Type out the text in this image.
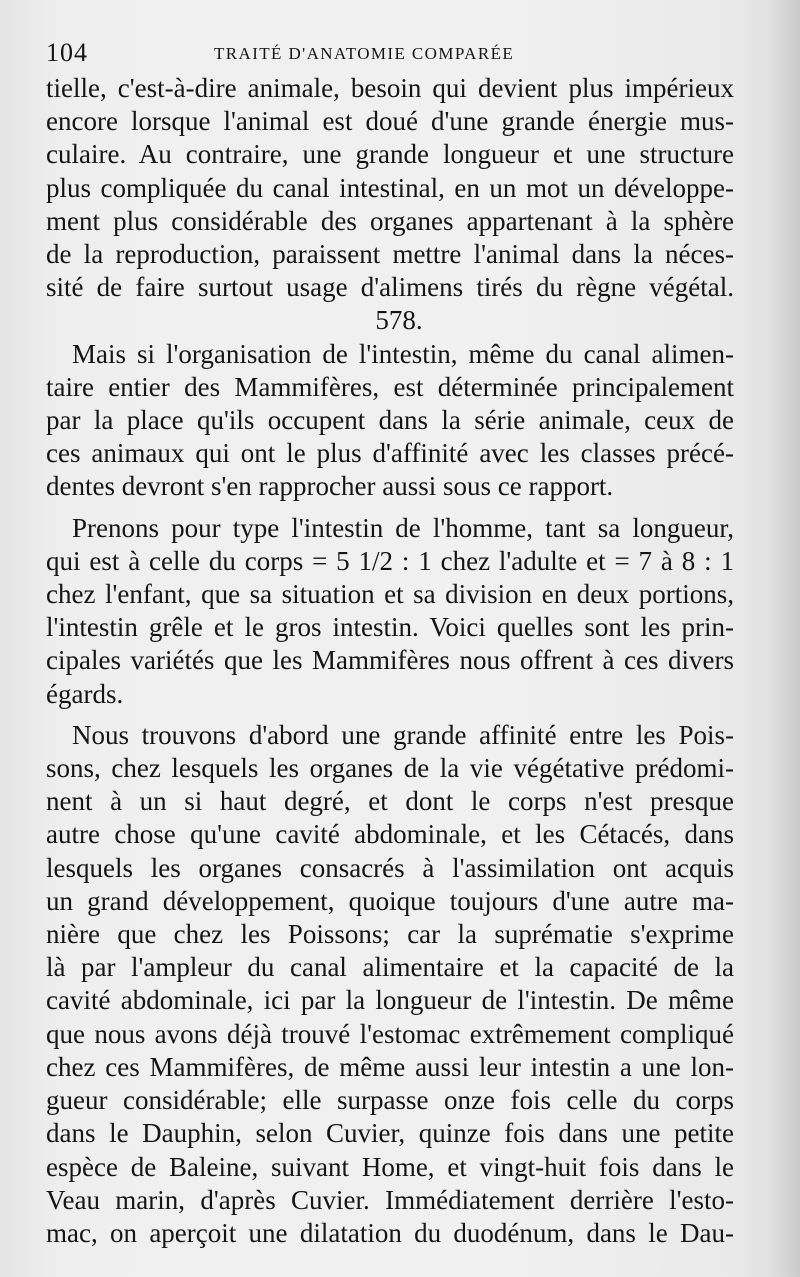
104	TRAITÉ D'ANATOMIE COMPARÉE
tielle, c'est-à-dire animale, besoin qui devient plus impérieux
encore lorsque l'animal est doué d'une grande énergie mus-
culaire. Au contraire, une grande longueur et une structure
plus compliquée du canal intestinal, en un mot un développe-
ment plus considérable des organes appartenant à la sphère
de la reproduction, paraissent mettre l'animal dans la néces-
sité de faire surtout usage d'alimens tirés du règne végétal.

578.

Mais si l'organisation de l'intestin, même du canal alimen-
taire entier des Mammifères, est déterminée principalement
par la place qu'ils occupent dans la série animale, ceux de
ces animaux qui ont le plus d'affinité avec les classes précé-
dentes devront s'en rapprocher aussi sous ce rapport.
Prenons pour type l'intestin de l'homme, tant sa longueur,
qui est à celle du corps = 5 1/2 : 1 chez l'adulte et = 7 à 8 : 1
chez l'enfant, que sa situation et sa division en deux portions,
l'intestin grêle et le gros intestin. Voici quelles sont les prin-
cipales variétés que les Mammifères nous offrent à ces divers
égards.
Nous trouvons d'abord une grande affinité entre les Pois-
sons, chez lesquels les organes de la vie végétative prédomi-
nent à un si haut degré, et dont le corps n'est presque
autre chose qu'une cavité abdominale, et les Cétacés, dans
lesquels les organes consacrés à l'assimilation ont acquis
un grand développement, quoique toujours d'une autre ma-
nière que chez les Poissons; car la suprématie s'exprime
là par l'ampleur du canal alimentaire et la capacité de la
cavité abdominale, ici par la longueur de l'intestin. De même
que nous avons déjà trouvé l'estomac extrêmement compliqué
chez ces Mammifères, de même aussi leur intestin a une lon-
gueur considérable; elle surpasse onze fois celle du corps
dans le Dauphin, selon Cuvier, quinze fois dans une petite
espèce de Baleine, suivant Home, et vingt-huit fois dans le
Veau marin, d'après Cuvier. Immédiatement derrière l'esto-
mac, on aperçoit une dilatation du duodénum, dans le Dau-
